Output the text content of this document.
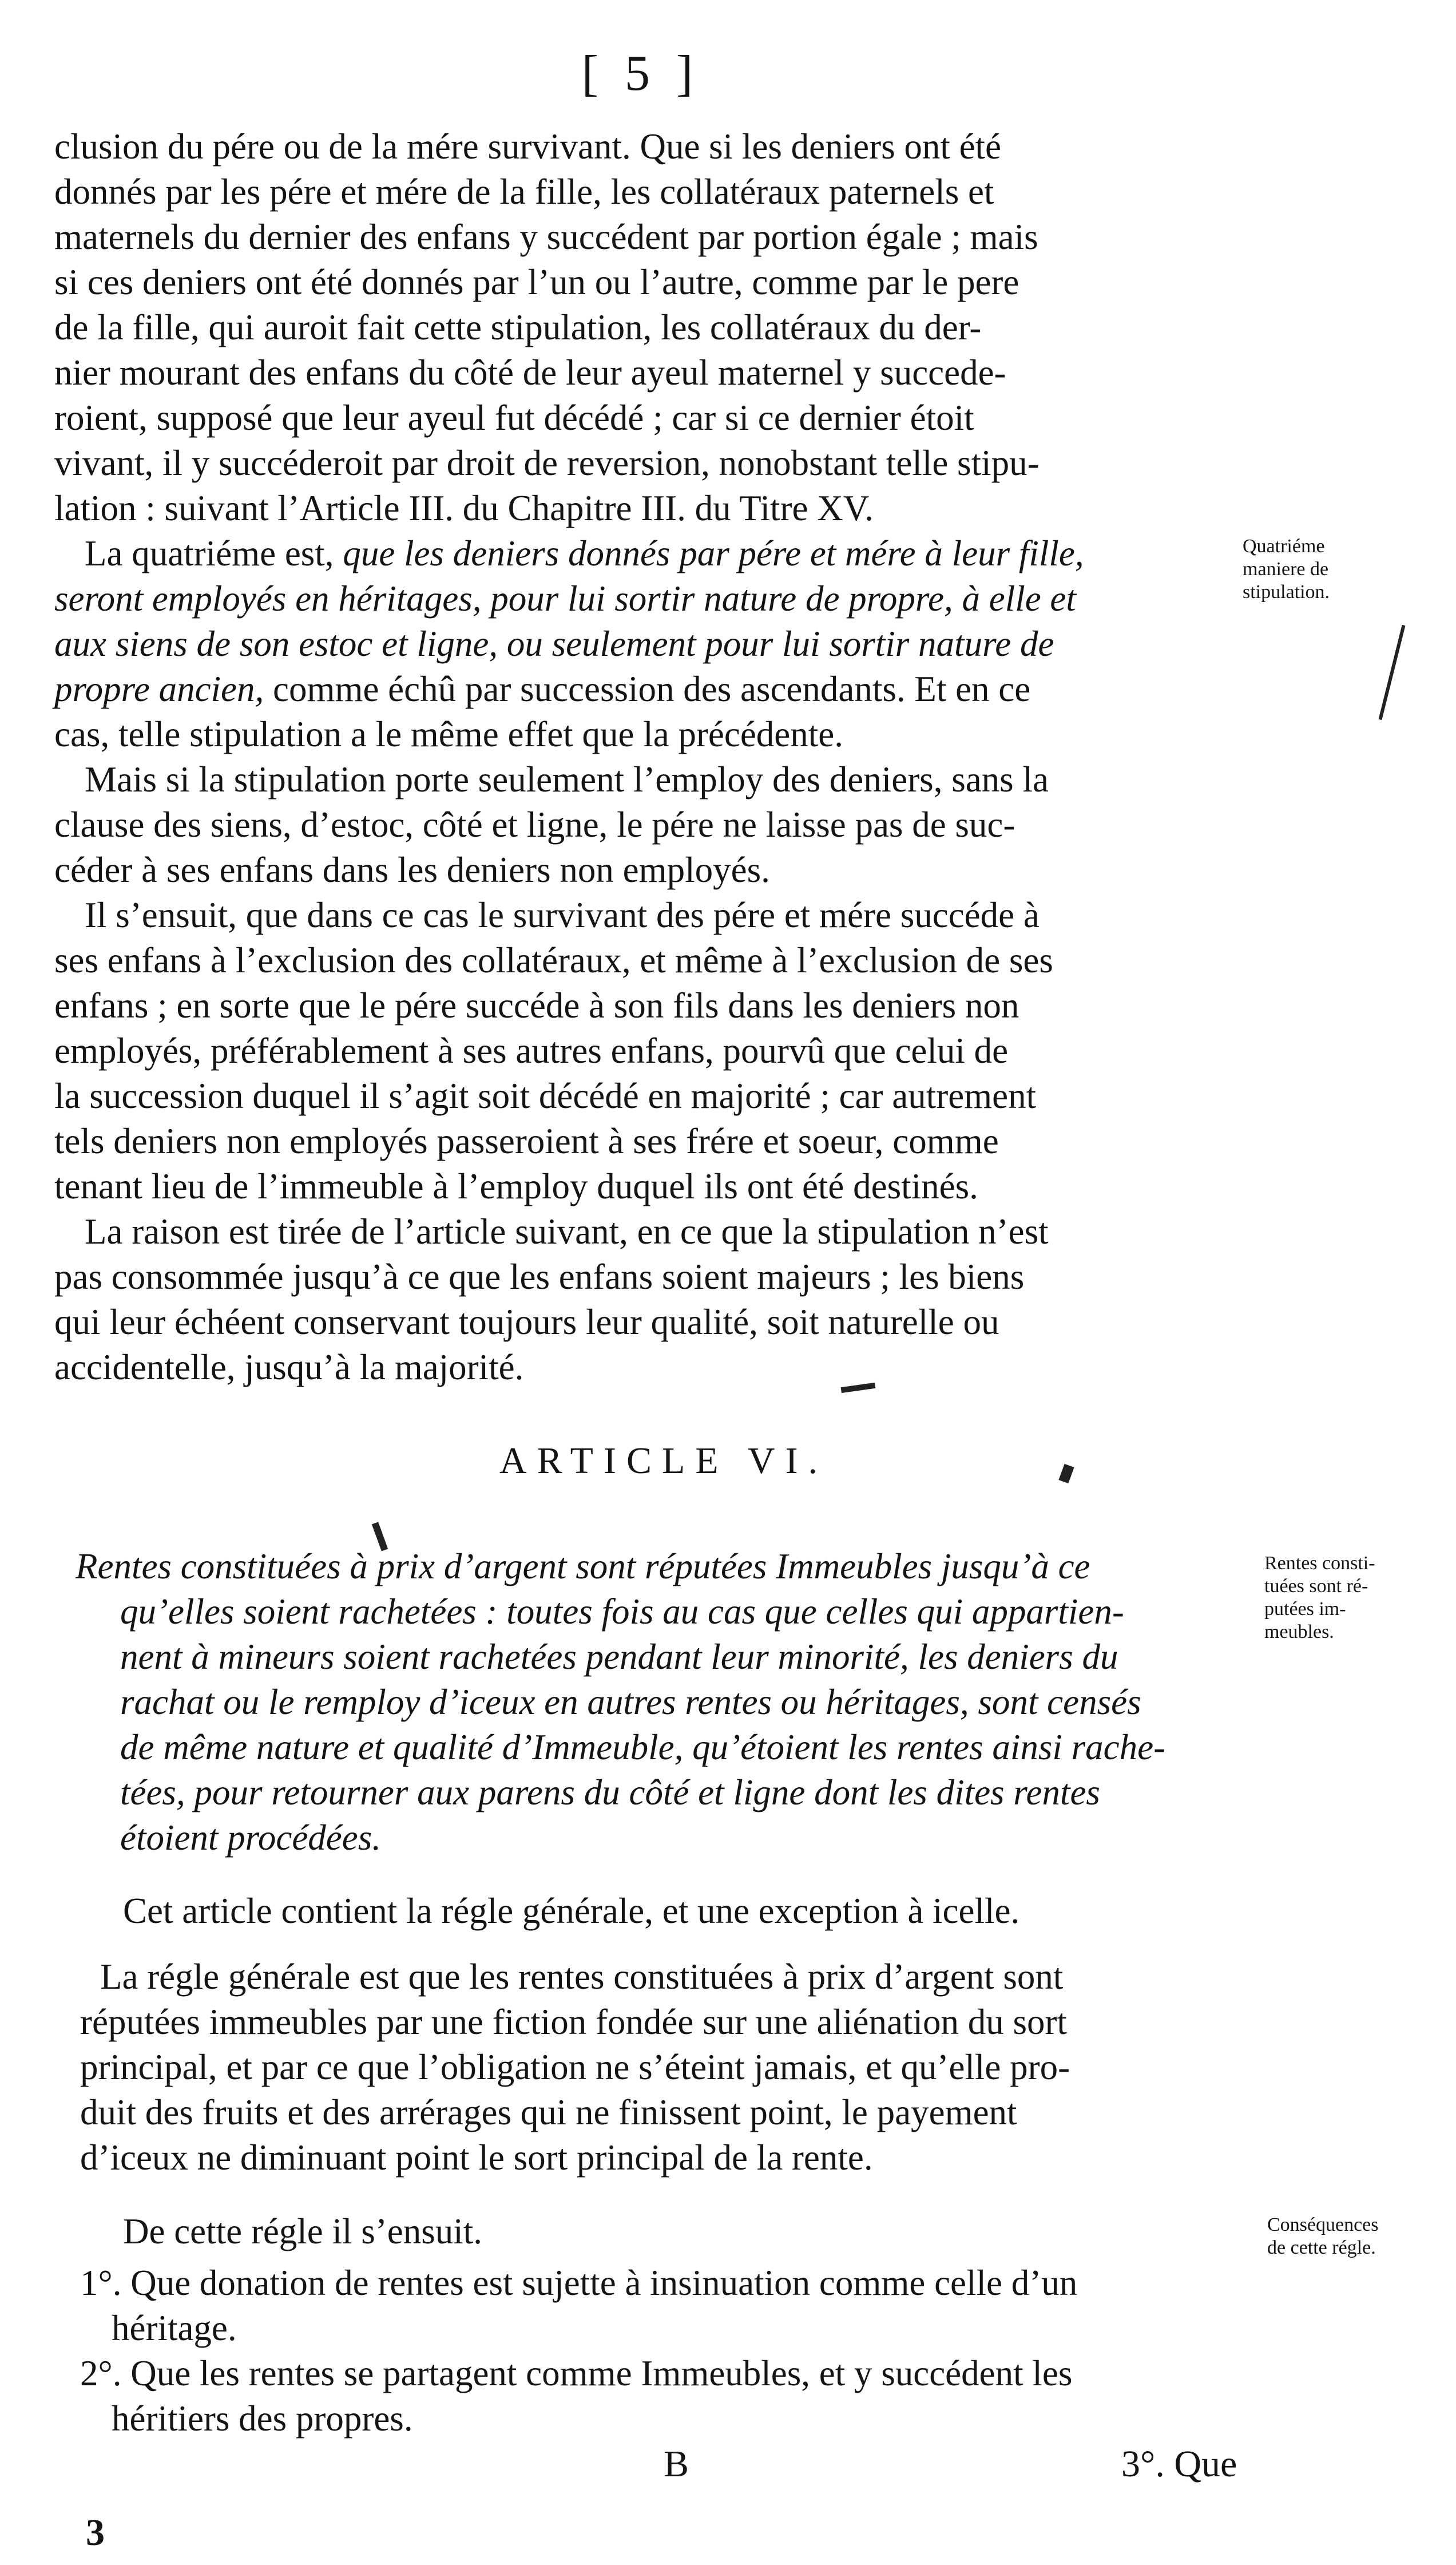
[ 5 ]
clusion du pére ou de la mére survivant. Que si les deniers ont été
donnés par les pére et mére de la fille, les collatéraux paternels et
maternels du dernier des enfans y succédent par portion égale ; mais
si ces deniers ont été donnés par l’un ou l’autre, comme par le pere
de la fille, qui auroit fait cette stipulation, les collatéraux du der-
nier mourant des enfans du côté de leur ayeul maternel y succede-
roient, supposé que leur ayeul fut décédé ; car si ce dernier étoit
vivant, il y succéderoit par droit de reversion, nonobstant telle stipu-
lation : suivant l’Article III. du Chapitre III. du Titre XV.
La quatriéme est, que les deniers donnés par pére et mére à leur fille,
seront employés en héritages, pour lui sortir nature de propre, à elle et
aux siens de son estoc et ligne, ou seulement pour lui sortir nature de
propre ancien, comme échû par succession des ascendants. Et en ce
cas, telle stipulation a le même effet que la précédente.
Quatriéme
maniere de
stipulation.
Mais si la stipulation porte seulement l’employ des deniers, sans la
clause des siens, d’estoc, côté et ligne, le pére ne laisse pas de suc-
céder à ses enfans dans les deniers non employés.
Il s’ensuit, que dans ce cas le survivant des pére et mére succéde à
ses enfans à l’exclusion des collatéraux, et même à l’exclusion de ses
enfans ; en sorte que le pére succéde à son fils dans les deniers non
employés, préférablement à ses autres enfans, pourvû que celui de
la succession duquel il s’agit soit décédé en majorité ; car autrement
tels deniers non employés passeroient à ses frére et soeur, comme
tenant lieu de l’immeuble à l’employ duquel ils ont été destinés.
La raison est tirée de l’article suivant, en ce que la stipulation n’est
pas consommée jusqu’à ce que les enfans soient majeurs ; les biens
qui leur échéent conservant toujours leur qualité, soit naturelle ou
accidentelle, jusqu’à la majorité.
ARTICLE VI.
Rentes constituées à prix d’argent sont réputées Immeubles jusqu’à ce
qu’elles soient rachetées : toutes fois au cas que celles qui appartien-
nent à mineurs soient rachetées pendant leur minorité, les deniers du
rachat ou le remploy d’iceux en autres rentes ou héritages, sont censés
de même nature et qualité d’Immeuble, qu’étoient les rentes ainsi rache-
tées, pour retourner aux parens du côté et ligne dont les dites rentes
étoient procédées.
Rentes consti-
tuées sont ré-
putées im-
meubles.
Cet article contient la régle générale, et une exception à icelle.
La régle générale est que les rentes constituées à prix d’argent sont
réputées immeubles par une fiction fondée sur une aliénation du sort
principal, et par ce que l’obligation ne s’éteint jamais, et qu’elle pro-
duit des fruits et des arrérages qui ne finissent point, le payement
d’iceux ne diminuant point le sort principal de la rente.
De cette régle il s’ensuit.	Conséquences
de cette régle.
1°. Que donation de rentes est sujette à insinuation comme celle d’un
héritage.
2°. Que les rentes se partagent comme Immeubles, et y succédent les
héritiers des propres.
B	3°. Que
3
